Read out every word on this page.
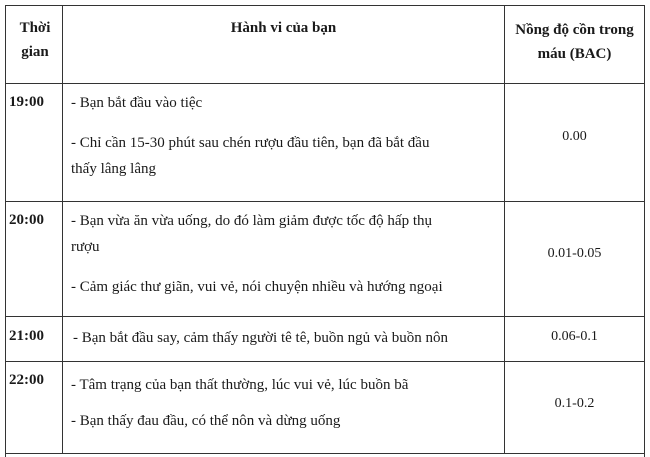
Thời
gian
Hành vi của bạn	Nồng độ cồn trong
máu (BAC)
19:00 - Bạn bắt đầu vào tiệc
- Chỉ cần 15-30 phút sau chén rượu đầu tiên, bạn đã bắt đầu
thấy lâng lâng
0.00
20:00 - Bạn vừa ăn vừa uống, do đó làm giảm được tốc độ hấp thụ
rượu
- Cảm giác thư giãn, vui vẻ, nói chuyện nhiều và hướng ngoại
0.01-0.05
21:00 - Bạn bắt đầu say, cảm thấy người tê tê, buồn ngủ và buồn nôn	0.06-0.1
22:00 - Tâm trạng của bạn thất thường, lúc vui vẻ, lúc buồn bã
- Bạn thấy đau đầu, có thể nôn và dừng uống
0.1-0.2
